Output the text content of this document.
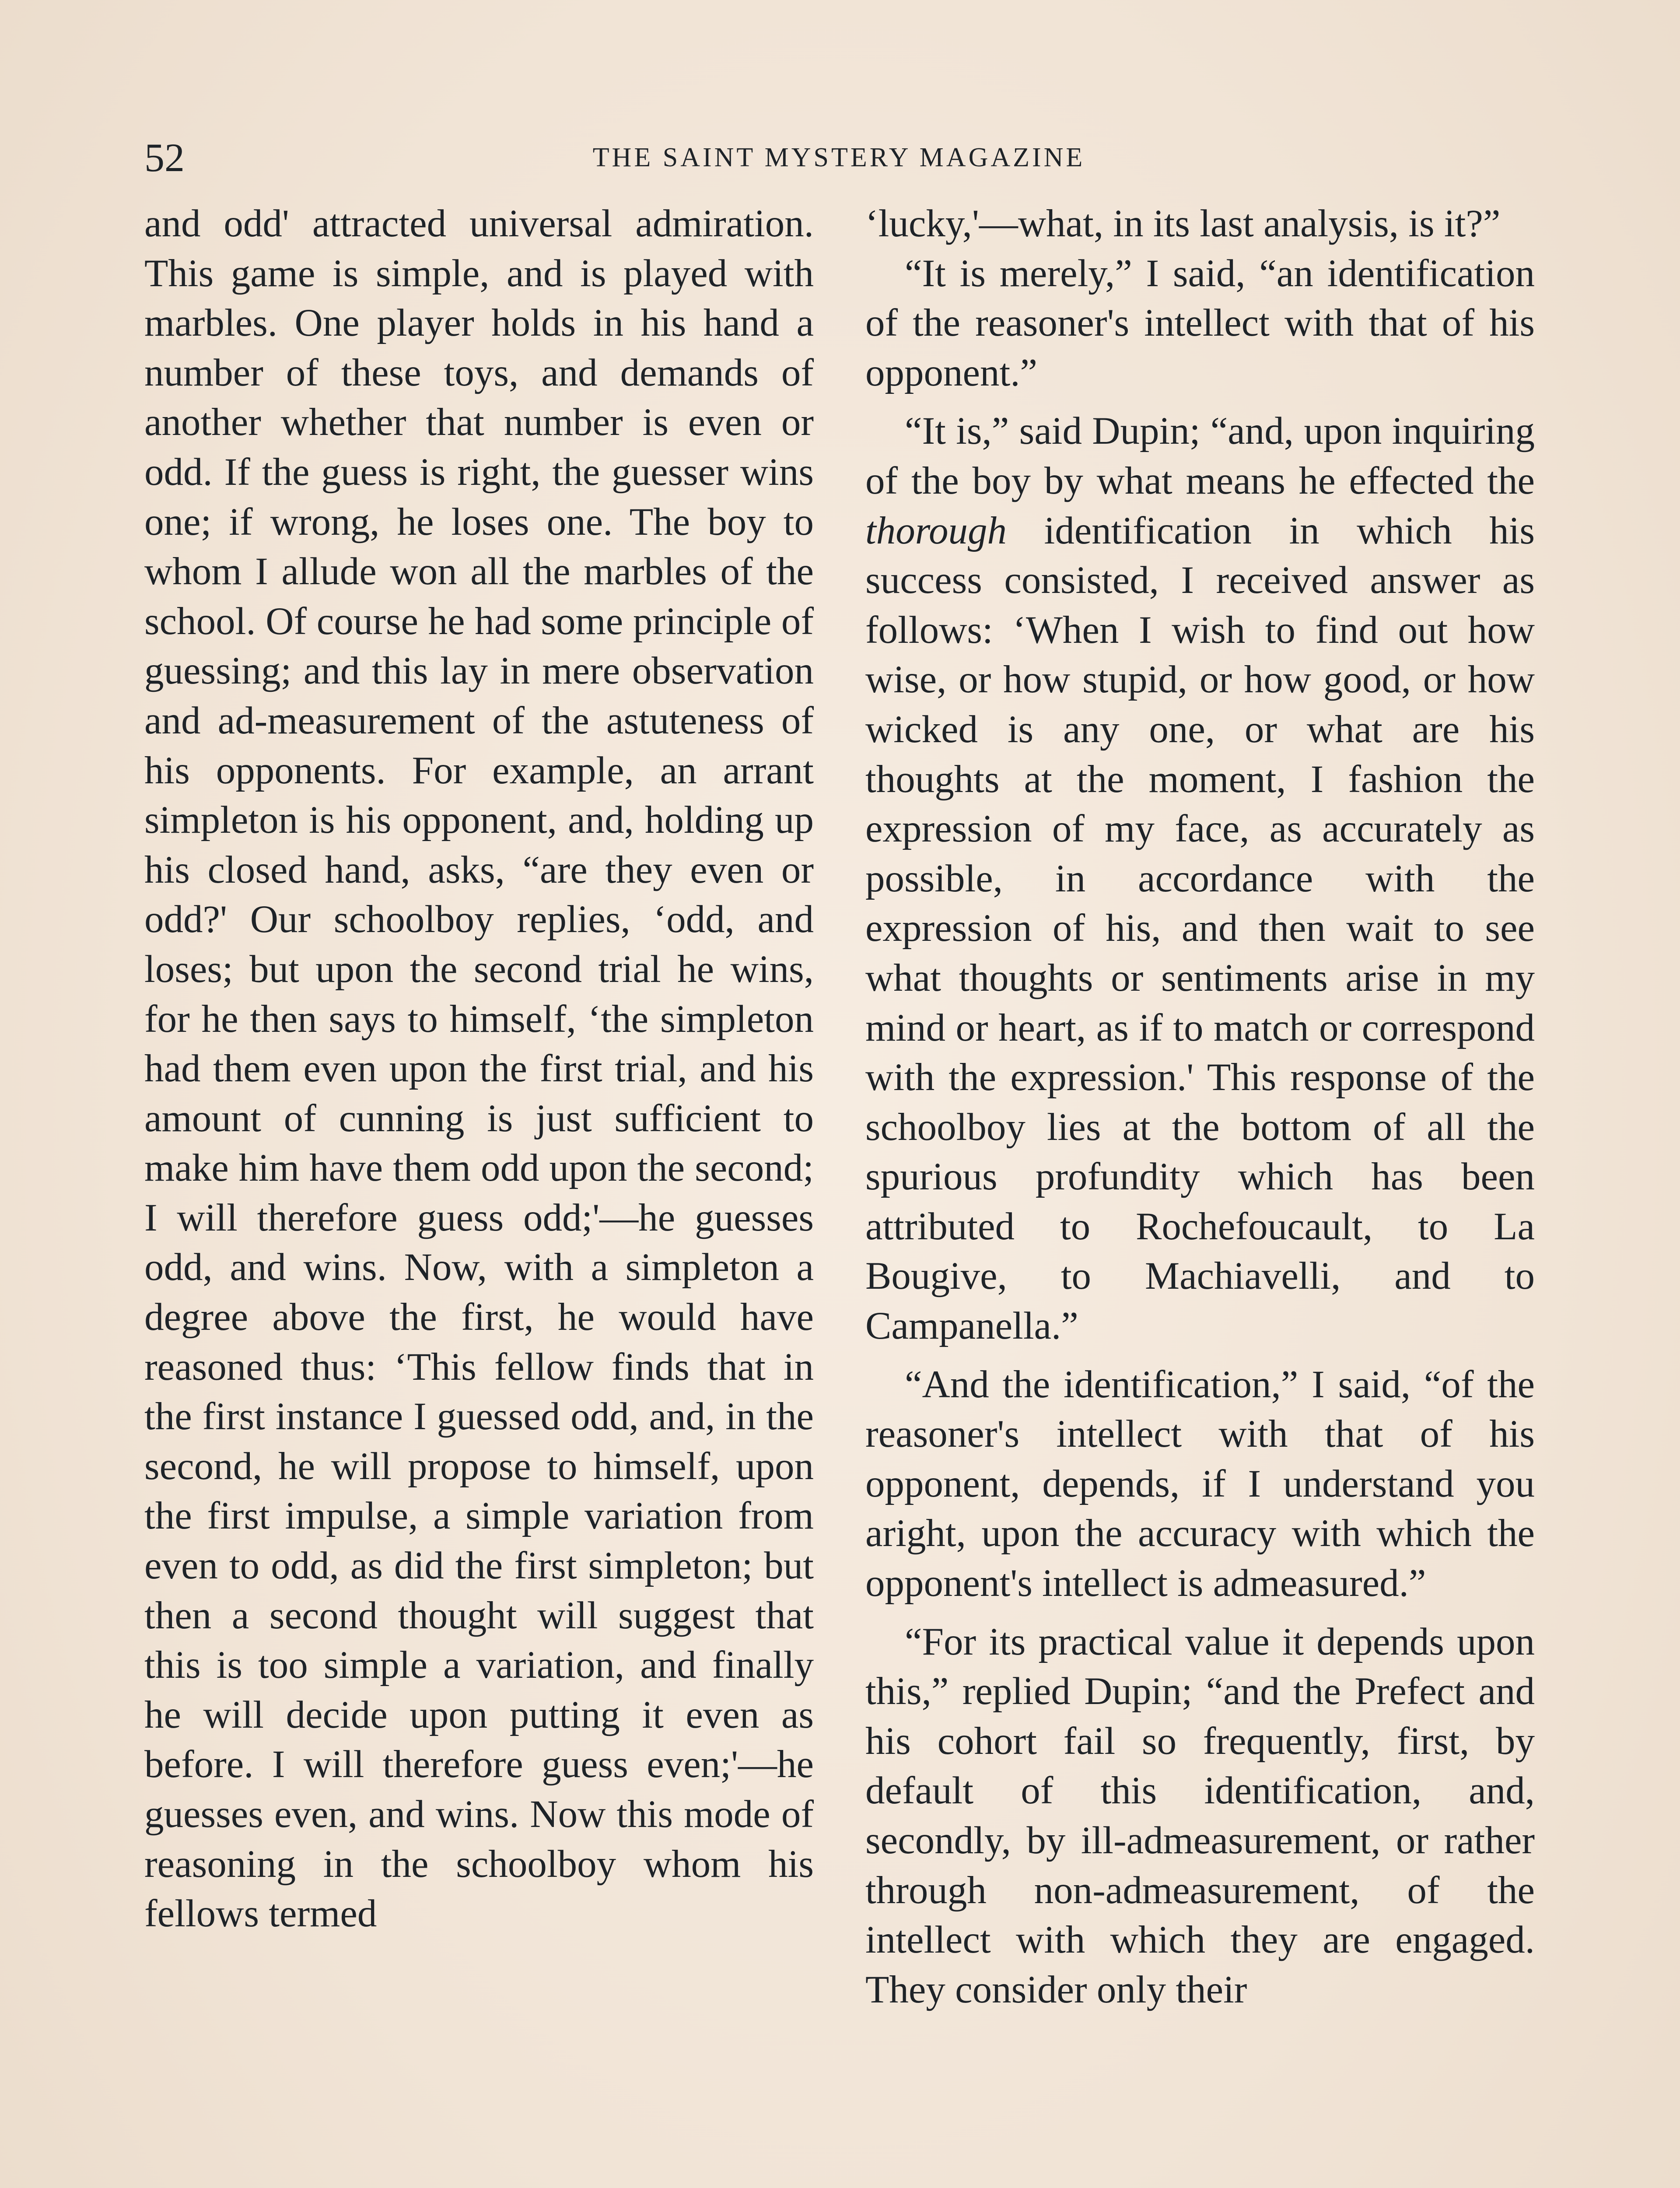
52	THE SAINT MYSTERY MAGAZINE

and odd' attracted universal admiration. This game is simple, and is played with marbles. One player holds in his hand a number of these toys, and demands of another whether that number is even or odd. If the guess is right, the guesser wins one; if wrong, he loses one. The boy to whom I allude won all the marbles of the school. Of course he had some principle of guessing; and this lay in mere observation and ad-measurement of the astuteness of his opponents. For example, an arrant simpleton is his opponent, and, holding up his closed hand, asks, “are they even or odd?' Our schoolboy replies, ‘odd, and loses; but upon the second trial he wins, for he then says to himself, ‘the simpleton had them even upon the first trial, and his amount of cunning is just sufficient to make him have them odd upon the second; I will therefore guess odd;'—he guesses odd, and wins. Now, with a simpleton a degree above the first, he would have reasoned thus: ‘This fellow finds that in the first instance I guessed odd, and, in the second, he will propose to himself, upon the first impulse, a simple variation from even to odd, as did the first simpleton; but then a second thought will suggest that this is too simple a variation, and finally he will decide upon putting it even as before. I will therefore guess even;'—he guesses even, and wins. Now this mode of reasoning in the schoolboy whom his fellows termed

‘lucky,'—what, in its last analysis, is it?”

“It is merely,” I said, “an identification of the reasoner's intellect with that of his opponent.”

“It is,” said Dupin; “and, upon inquiring of the boy by what means he effected the thorough identification in which his success consisted, I received answer as follows: ‘When I wish to find out how wise, or how stupid, or how good, or how wicked is any one, or what are his thoughts at the moment, I fashion the expression of my face, as accurately as possible, in accordance with the expression of his, and then wait to see what thoughts or sentiments arise in my mind or heart, as if to match or correspond with the expression.' This response of the schoolboy lies at the bottom of all the spurious profundity which has been attributed to Rochefoucault, to La Bougive, to Machiavelli, and to Campanella.”

“And the identification,” I said, “of the reasoner's intellect with that of his opponent, depends, if I understand you aright, upon the accuracy with which the opponent's intellect is admeasured.”

“For its practical value it depends upon this,” replied Dupin; “and the Prefect and his cohort fail so frequently, first, by default of this identification, and, secondly, by ill-admeasurement, or rather through non-admeasurement, of the intellect with which they are engaged. They consider only their
